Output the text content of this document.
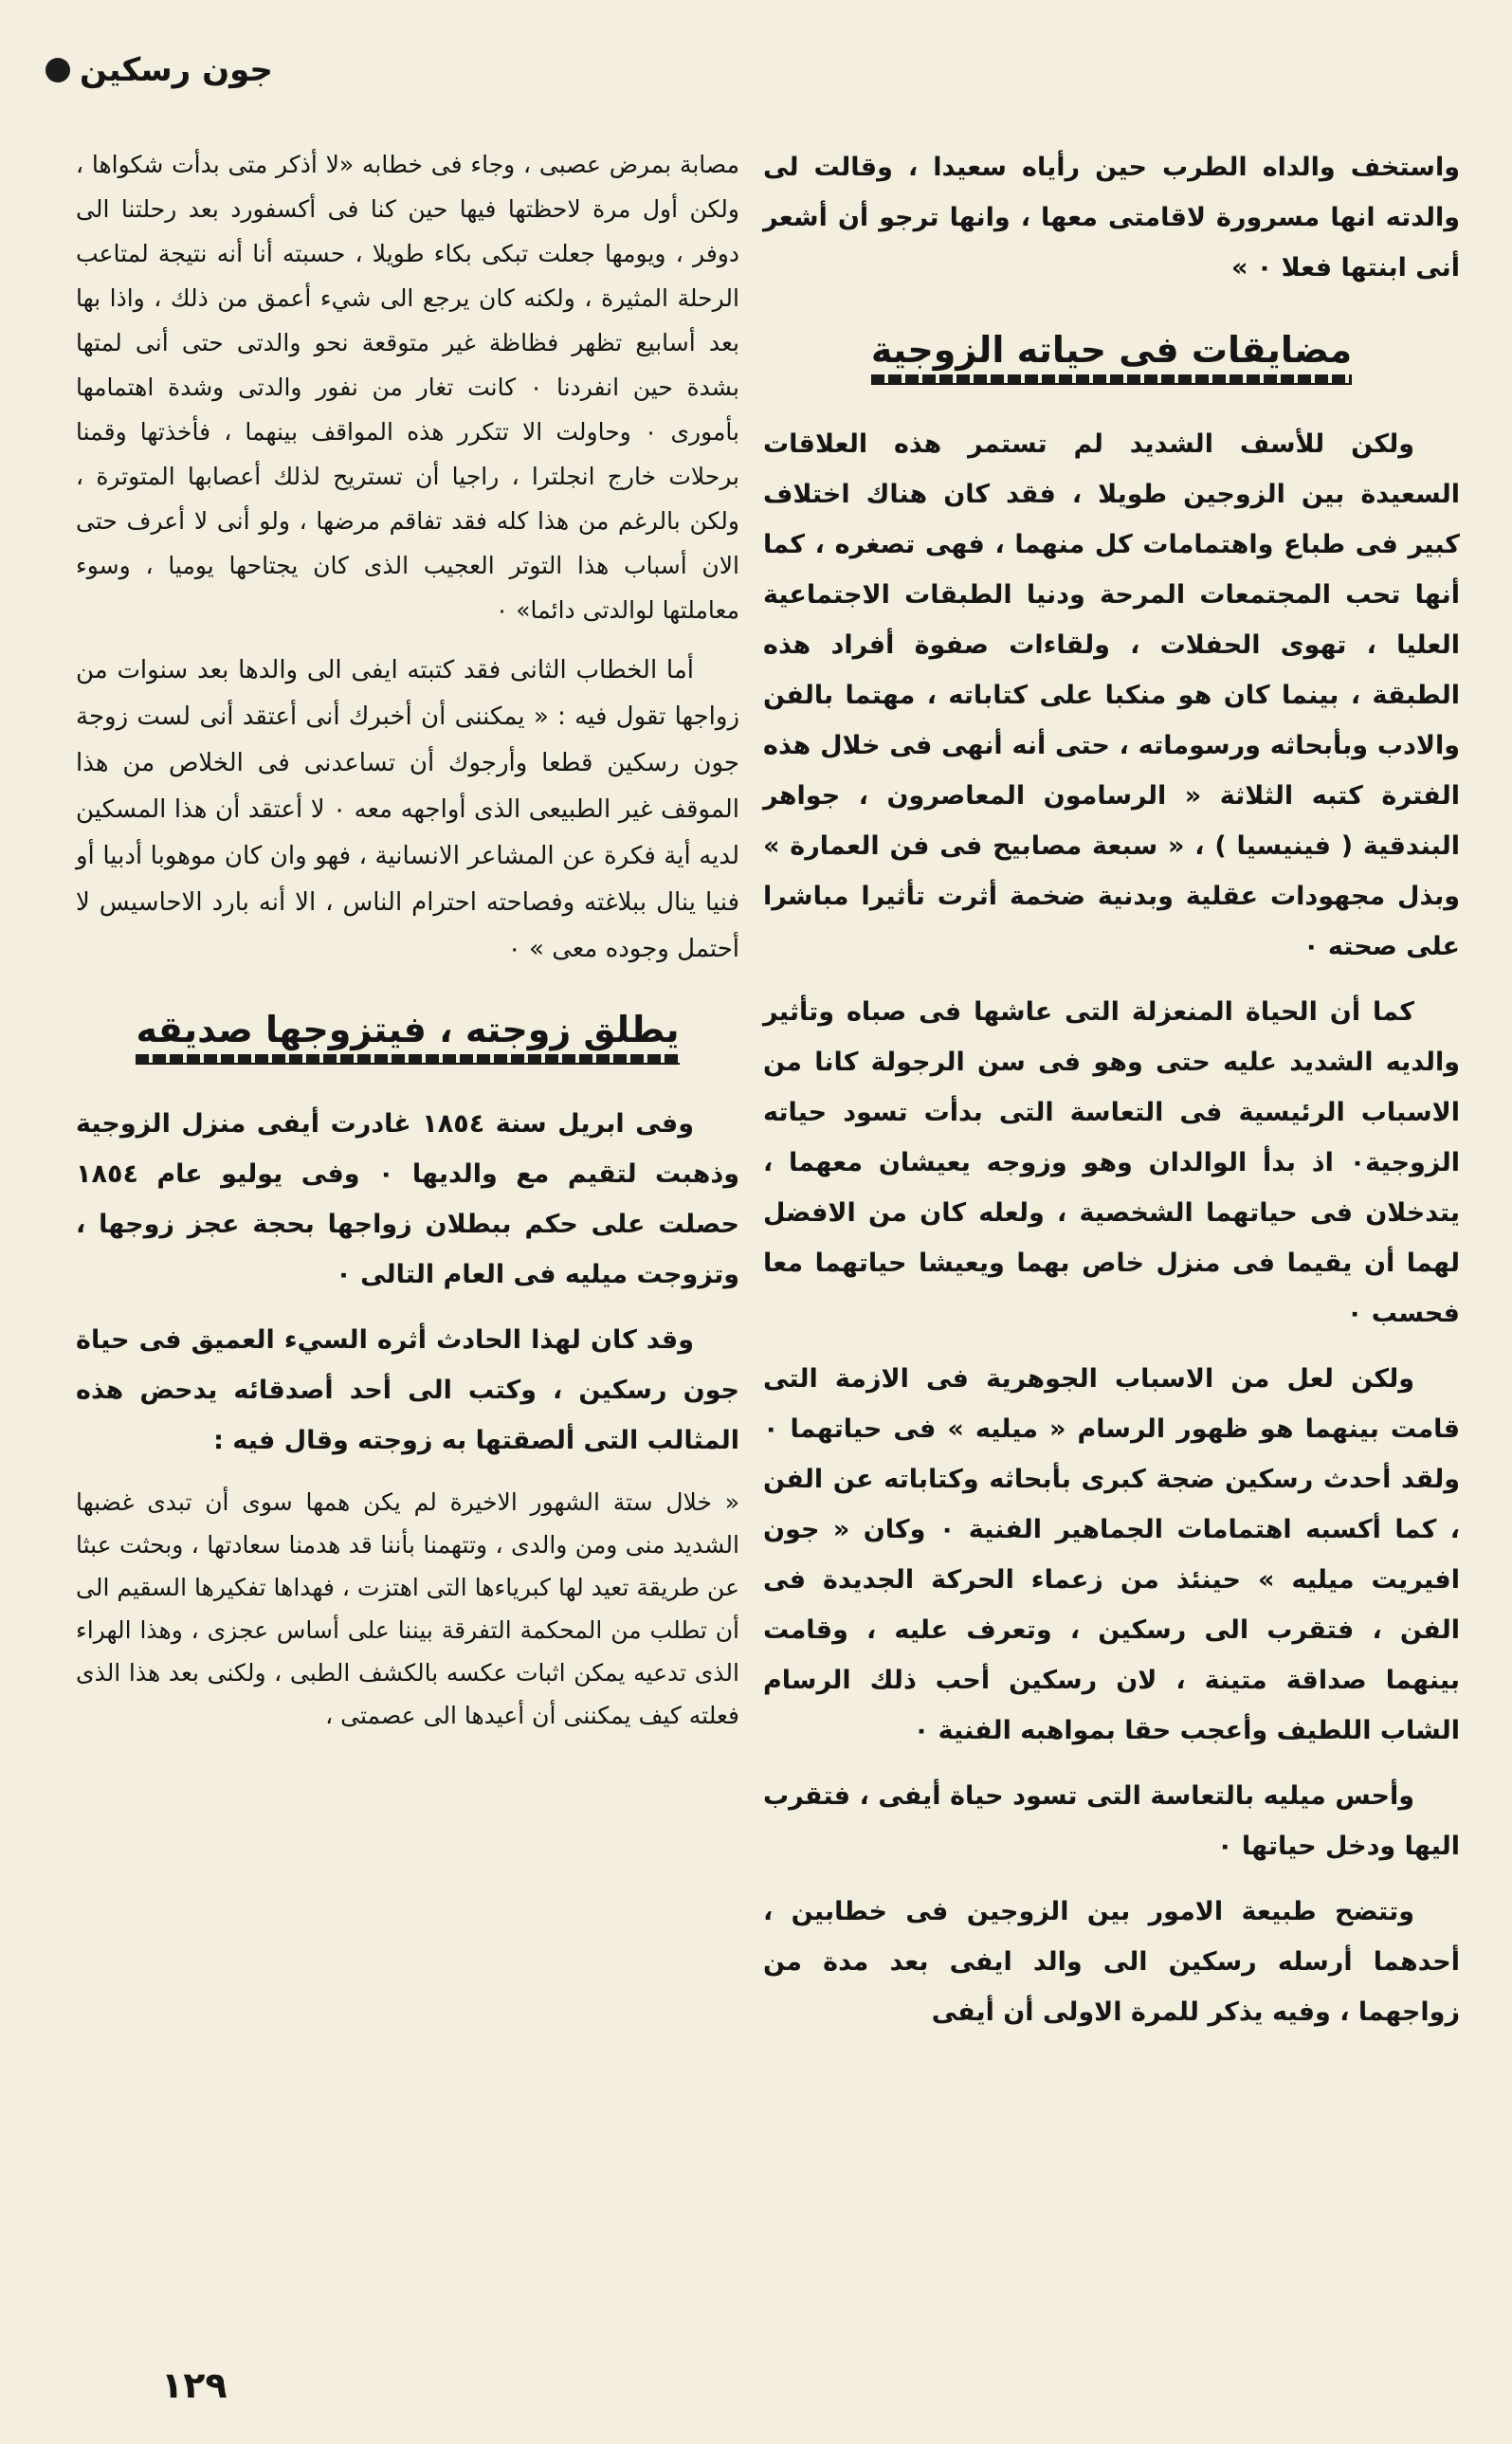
جون رسكين

واستخف والداه الطرب حين رأياه سعيدا ، وقالت لى والدته انها مسرورة لاقامتى معها ، وانها ترجو أن أشعر أنى ابنتها فعلا ٠ »

مضايقات فى حياته الزوجية

ولكن للأسف الشديد لم تستمر هذه العلاقات السعيدة بين الزوجين طويلا ، فقد كان هناك اختلاف كبير فى طباع واهتمامات كل منهما ، فهى تصغره ، كما أنها تحب المجتمعات المرحة ودنيا الطبقات الاجتماعية العليا ، تهوى الحفلات ، ولقاءات صفوة أفراد هذه الطبقة ، بينما كان هو منكبا على كتاباته ، مهتما بالفن والادب وبأبحاثه ورسوماته ، حتى أنه أنهى فى خلال هذه الفترة كتبه الثلاثة « الرسامون المعاصرون ، جواهر البندقية ( فينيسيا ) ، « سبعة مصابيح فى فن العمارة » وبذل مجهودات عقلية وبدنية ضخمة أثرت تأثيرا مباشرا على صحته ٠

كما أن الحياة المنعزلة التى عاشها فى صباه وتأثير والديه الشديد عليه حتى وهو فى سن الرجولة كانا من الاسباب الرئيسية فى التعاسة التى بدأت تسود حياته الزوجية٠ اذ بدأ الوالدان وهو وزوجه يعيشان معهما ، يتدخلان فى حياتهما الشخصية ، ولعله كان من الافضل لهما أن يقيما فى منزل خاص بهما ويعيشا حياتهما معا فحسب ٠

ولكن لعل من الاسباب الجوهرية فى الازمة التى قامت بينهما هو ظهور الرسام « ميليه » فى حياتهما ٠ ولقد أحدث رسكين ضجة كبرى بأبحاثه وكتاباته عن الفن ، كما أكسبه اهتمامات الجماهير الفنية ٠ وكان « جون افيريت ميليه » حينئذ من زعماء الحركة الجديدة فى الفن ، فتقرب الى رسكين ، وتعرف عليه ، وقامت بينهما صداقة متينة ، لان رسكين أحب ذلك الرسام الشاب اللطيف وأعجب حقا بمواهبه الفنية ٠

وأحس ميليه بالتعاسة التى تسود حياة أيفى ، فتقرب اليها ودخل حياتها ٠

وتتضح طبيعة الامور بين الزوجين فى خطابين ، أحدهما أرسله رسكين الى والد ايفى بعد مدة من زواجهما ، وفيه يذكر للمرة الاولى أن أيفى

مصابة بمرض عصبى ، وجاء فى خطابه «لا أذكر متى بدأت شكواها ، ولكن أول مرة لاحظتها فيها حين كنا فى أكسفورد بعد رحلتنا الى دوفر ، ويومها جعلت تبكى بكاء طويلا ، حسبته أنا أنه نتيجة لمتاعب الرحلة المثيرة ، ولكنه كان يرجع الى شيء أعمق من ذلك ، واذا بها بعد أسابيع تظهر فظاظة غير متوقعة نحو والدتى حتى أنى لمتها بشدة حين انفردنا ٠ كانت تغار من نفور والدتى وشدة اهتمامها بأمورى ٠ وحاولت الا تتكرر هذه المواقف بينهما ، فأخذتها وقمنا برحلات خارج انجلترا ، راجيا أن تستريح لذلك أعصابها المتوترة ، ولكن بالرغم من هذا كله فقد تفاقم مرضها ، ولو أنى لا أعرف حتى الان أسباب هذا التوتر العجيب الذى كان يجتاحها يوميا ، وسوء معاملتها لوالدتى دائما» ٠

أما الخطاب الثانى فقد كتبته ايفى الى والدها بعد سنوات من زواجها تقول فيه : « يمكننى أن أخبرك أنى أعتقد أنى لست زوجة جون رسكين قطعا وأرجوك أن تساعدنى فى الخلاص من هذا الموقف غير الطبيعى الذى أواجهه معه ٠ لا أعتقد أن هذا المسكين لديه أية فكرة عن المشاعر الانسانية ، فهو وان كان موهوبا أدبيا أو فنيا ينال ببلاغته وفصاحته احترام الناس ، الا أنه بارد الاحاسيس لا أحتمل وجوده معى » ٠

يطلق زوجته ، فيتزوجها صديقه

وفى ابريل سنة ١٨٥٤ غادرت أيفى منزل الزوجية وذهبت لتقيم مع والديها ٠ وفى يوليو عام ١٨٥٤ حصلت على حكم ببطلان زواجها بحجة عجز زوجها ، وتزوجت ميليه فى العام التالى ٠

وقد كان لهذا الحادث أثره السيء العميق فى حياة جون رسكين ، وكتب الى أحد أصدقائه يدحض هذه المثالب التى ألصقتها به زوجته وقال فيه :

« خلال ستة الشهور الاخيرة لم يكن همها سوى أن تبدى غضبها الشديد منى ومن والدى ، وتتهمنا بأننا قد هدمنا سعادتها ، وبحثت عبثا عن طريقة تعيد لها كبرياءها التى اهتزت ، فهداها تفكيرها السقيم الى أن تطلب من المحكمة التفرقة بيننا على أساس عجزى ، وهذا الهراء الذى تدعيه يمكن اثبات عكسه بالكشف الطبى ، ولكنى بعد هذا الذى فعلته كيف يمكننى أن أعيدها الى عصمتى ،

١٢٩
